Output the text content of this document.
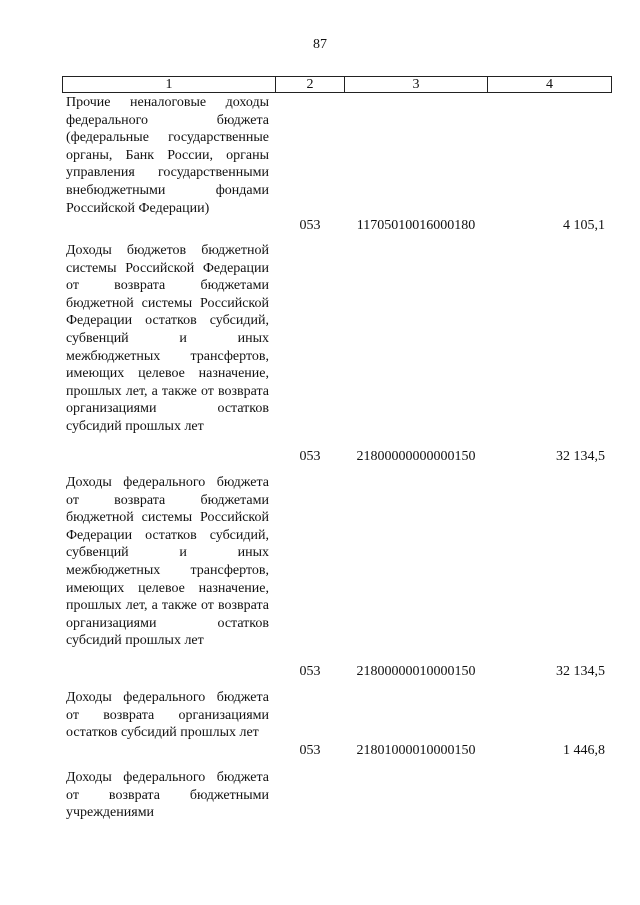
87
1	2	3	4
Прочие неналоговые доходы федерального бюджета (федеральные государственные органы, Банк России, органы управления государственными внебюджетными фондами Российской Федерации)
053	11705010016000180	4 105,1
Доходы бюджетов бюджетной системы Российской Федерации от возврата бюджетами бюджетной системы Российской Федерации остатков субсидий, субвенций и иных межбюджетных трансфертов, имеющих целевое назначение, прошлых лет, а также от возврата организациями остатков субсидий прошлых лет
053	21800000000000150	32 134,5
Доходы федерального бюджета от возврата бюджетами бюджетной системы Российской Федерации остатков субсидий, субвенций и иных межбюджетных трансфертов, имеющих целевое назначение, прошлых лет, а также от возврата организациями остатков субсидий прошлых лет
053	21800000010000150	32 134,5
Доходы федерального бюджета от возврата организациями остатков субсидий прошлых лет
053	21801000010000150	1 446,8
Доходы федерального бюджета от возврата бюджетными учреждениями
